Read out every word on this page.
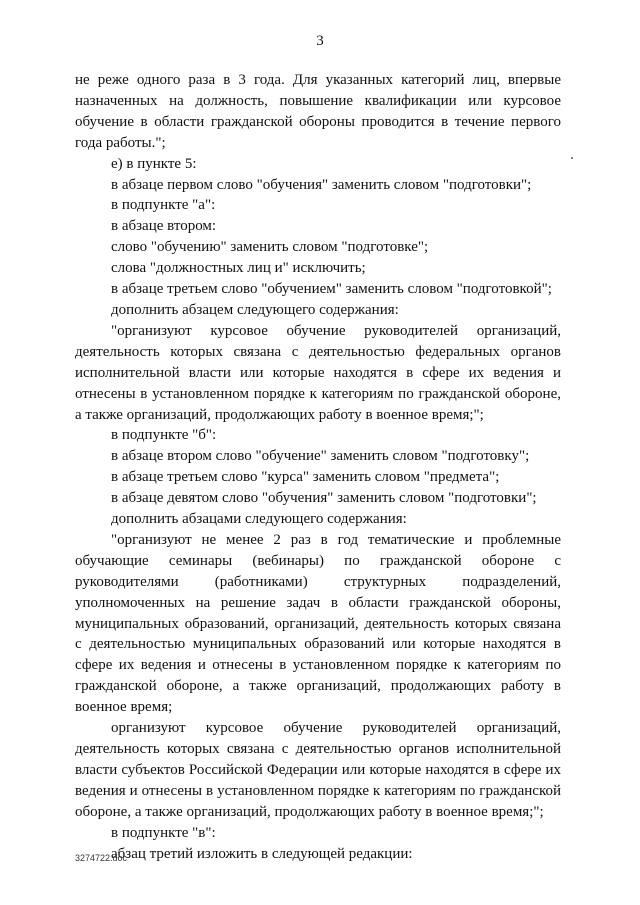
3

не реже одного раза в 3 года. Для указанных категорий лиц, впервые назначенных на должность, повышение квалификации или курсовое обучение в области гражданской обороны проводится в течение первого года работы.";

е) в пункте 5:

в абзаце первом слово "обучения" заменить словом "подготовки";

в подпункте "а":

в абзаце втором:

слово "обучению" заменить словом "подготовке";

слова "должностных лиц и" исключить;

в абзаце третьем слово "обучением" заменить словом "подготовкой";

дополнить абзацем следующего содержания:

"организуют курсовое обучение руководителей организаций, деятельность которых связана с деятельностью федеральных органов исполнительной власти или которые находятся в сфере их ведения и отнесены в установленном порядке к категориям по гражданской обороне, а также организаций, продолжающих работу в военное время;";

в подпункте "б":

в абзаце втором слово "обучение" заменить словом "подготовку";

в абзаце третьем слово "курса" заменить словом "предмета";

в абзаце девятом слово "обучения" заменить словом "подготовки";

дополнить абзацами следующего содержания:

"организуют не менее 2 раз в год тематические и проблемные обучающие семинары (вебинары) по гражданской обороне с руководителями (работниками) структурных подразделений, уполномоченных на решение задач в области гражданской обороны, муниципальных образований, организаций, деятельность которых связана с деятельностью муниципальных образований или которые находятся в сфере их ведения и отнесены в установленном порядке к категориям по гражданской обороне, а также организаций, продолжающих работу в военное время;

организуют курсовое обучение руководителей организаций, деятельность которых связана с деятельностью органов исполнительной власти субъектов Российской Федерации или которые находятся в сфере их ведения и отнесены в установленном порядке к категориям по гражданской обороне, а также организаций, продолжающих работу в военное время;";

в подпункте "в":

абзац третий изложить в следующей редакции:

3274722.doc
